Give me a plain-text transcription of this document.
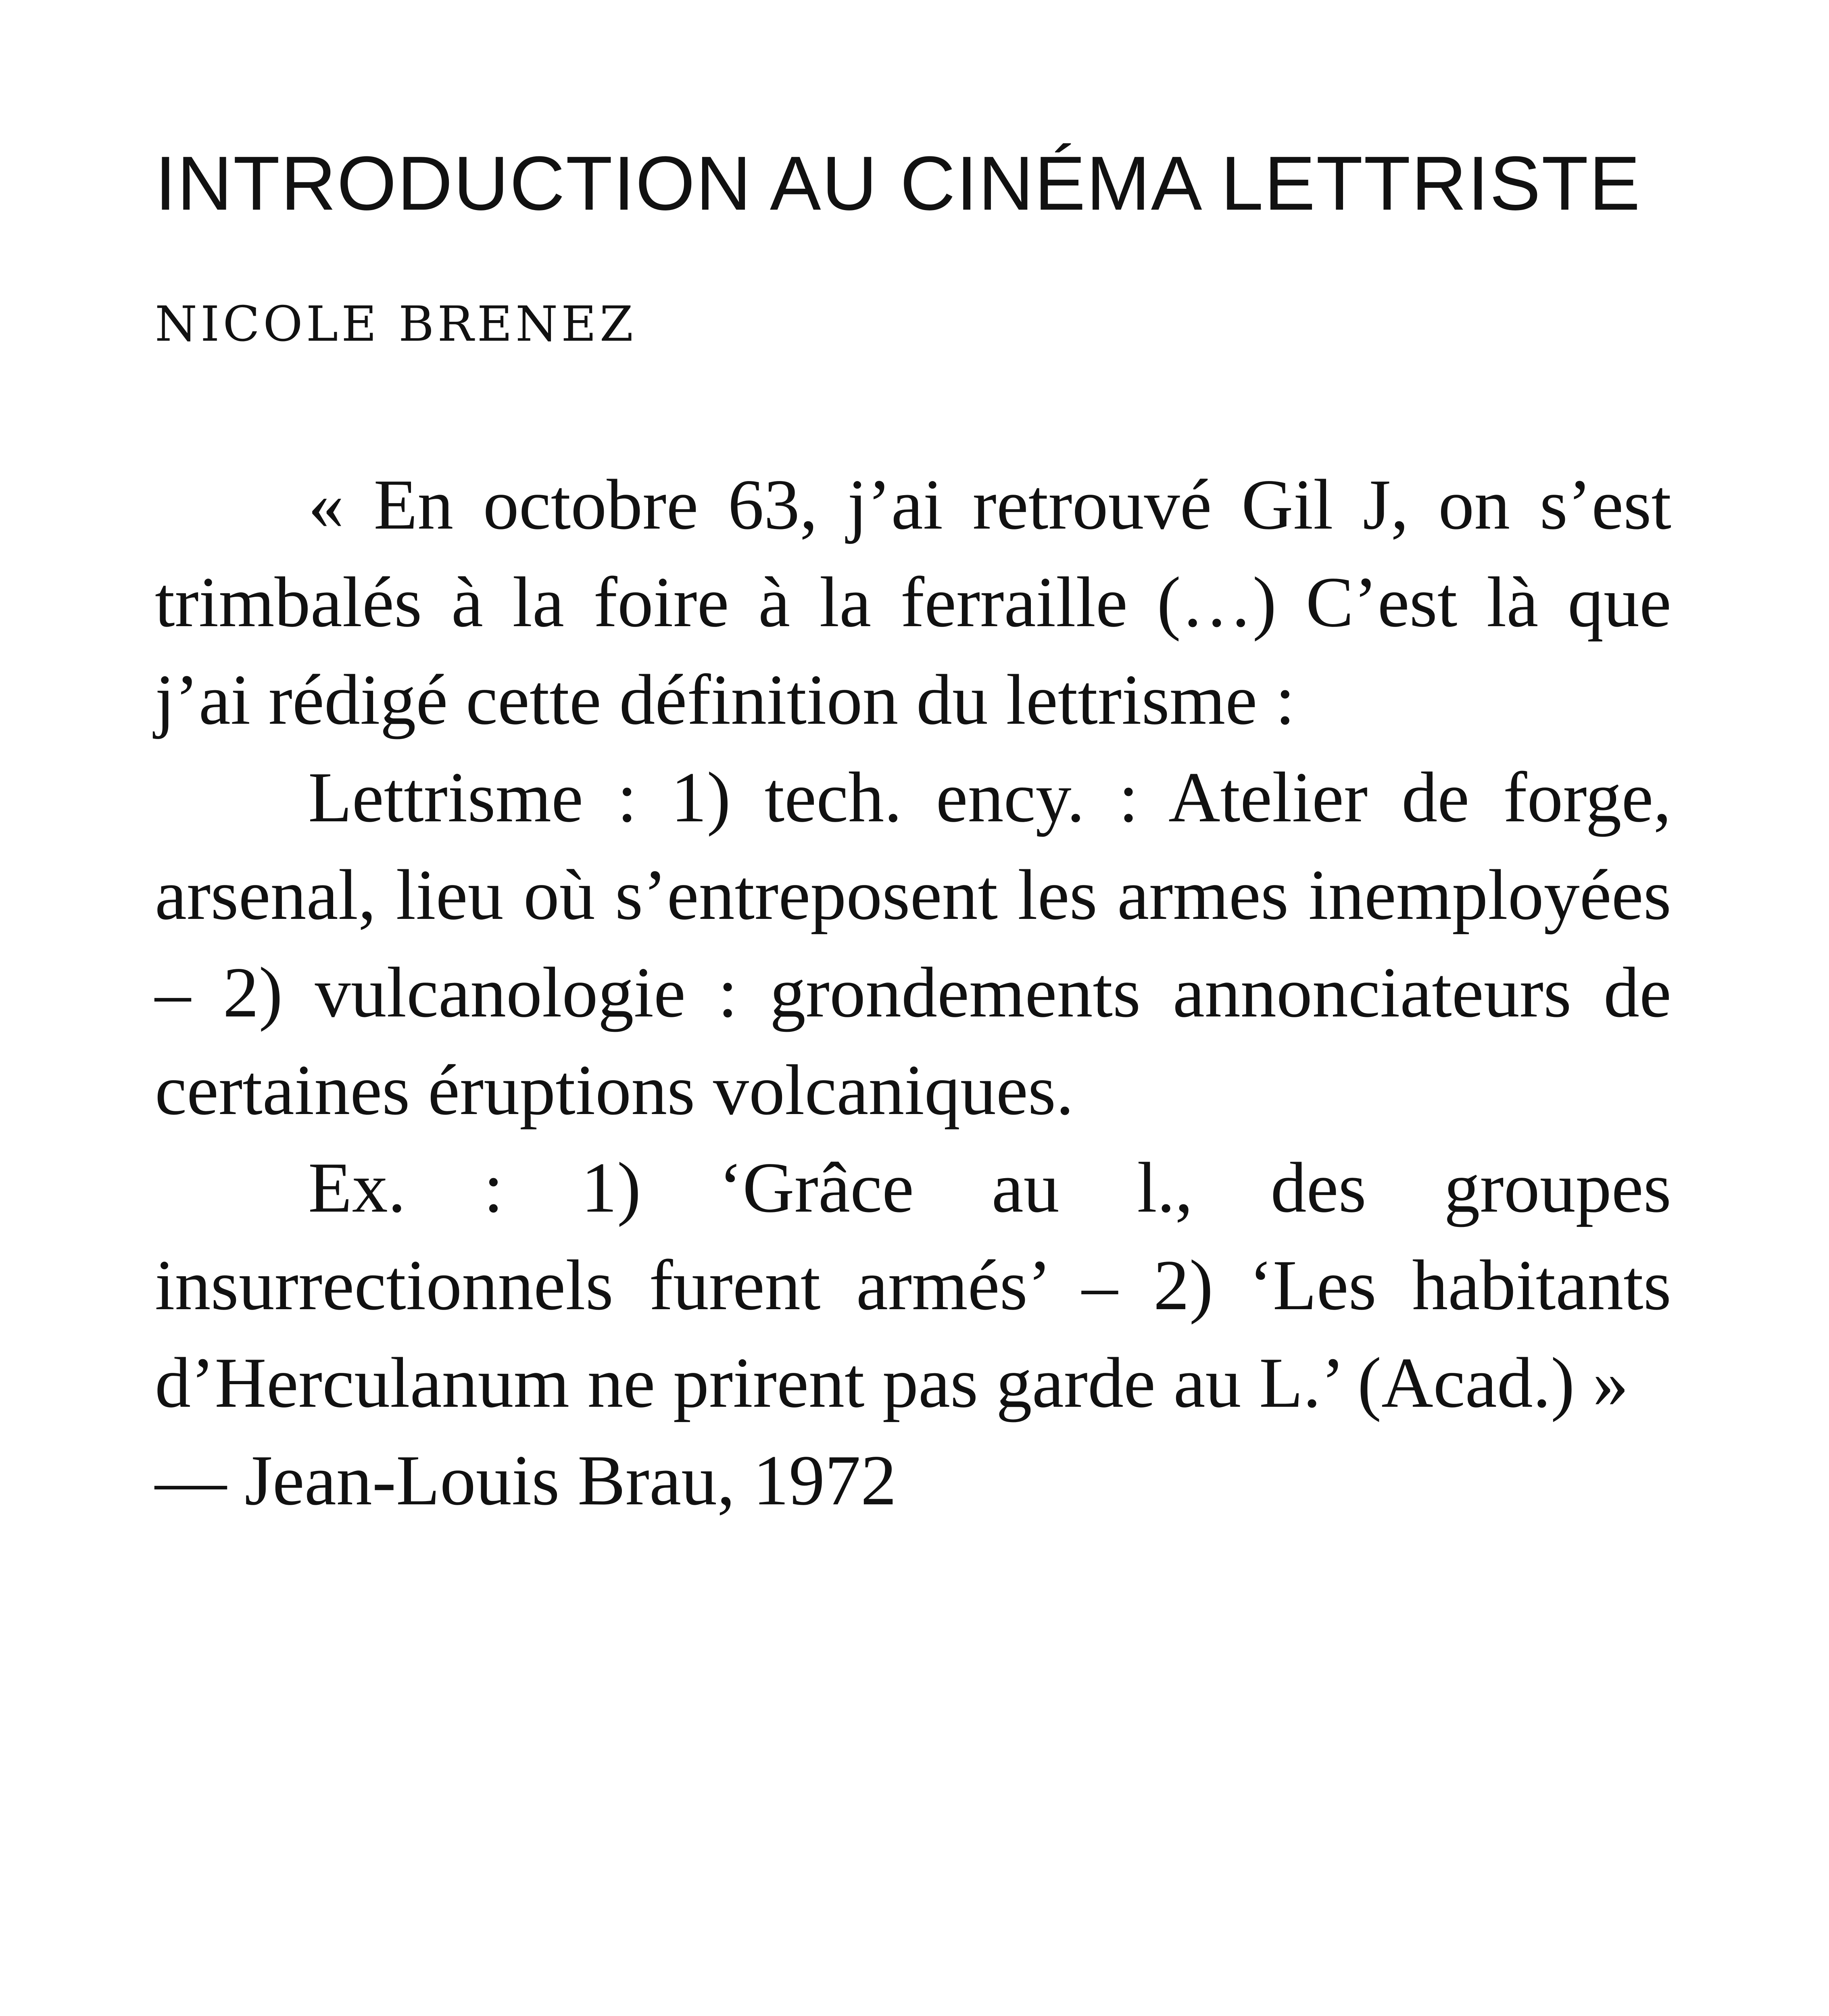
INTRODUCTION AU CINÉMA LETTRISTE
NICOLE BRENEZ

« En octobre 63, j’ai retrouvé Gil J, on s’est trimbalés à la foire à la ferraille (…) C’est là que j’ai rédigé cette définition du lettrisme :

Lettrisme : 1) tech. ency. : Atelier de forge, arsenal, lieu où s’entreposent les armes inemployées – 2) vulcanologie : grondements annonciateurs de certaines éruptions volcaniques.

Ex. : 1) ‘Grâce au l., des groupes insurrectionnels furent armés’ – 2) ‘Les habitants d’Herculanum ne prirent pas garde au L.’ (Acad.) »

— Jean-Louis Brau, 1972
